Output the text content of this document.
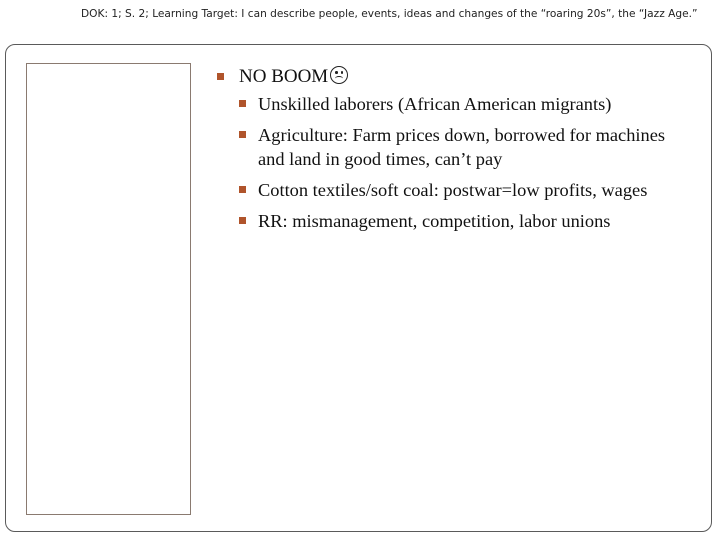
DOK: 1; S. 2; Learning Target: I can describe people, events, ideas and changes of the “roaring 20s”, the “Jazz Age.”
NO BOOM
Unskilled laborers (African American migrants)
Agriculture: Farm prices down, borrowed for machines and land in good times, can’t pay
Cotton textiles/soft coal: postwar=low profits, wages
RR: mismanagement, competition, labor unions
